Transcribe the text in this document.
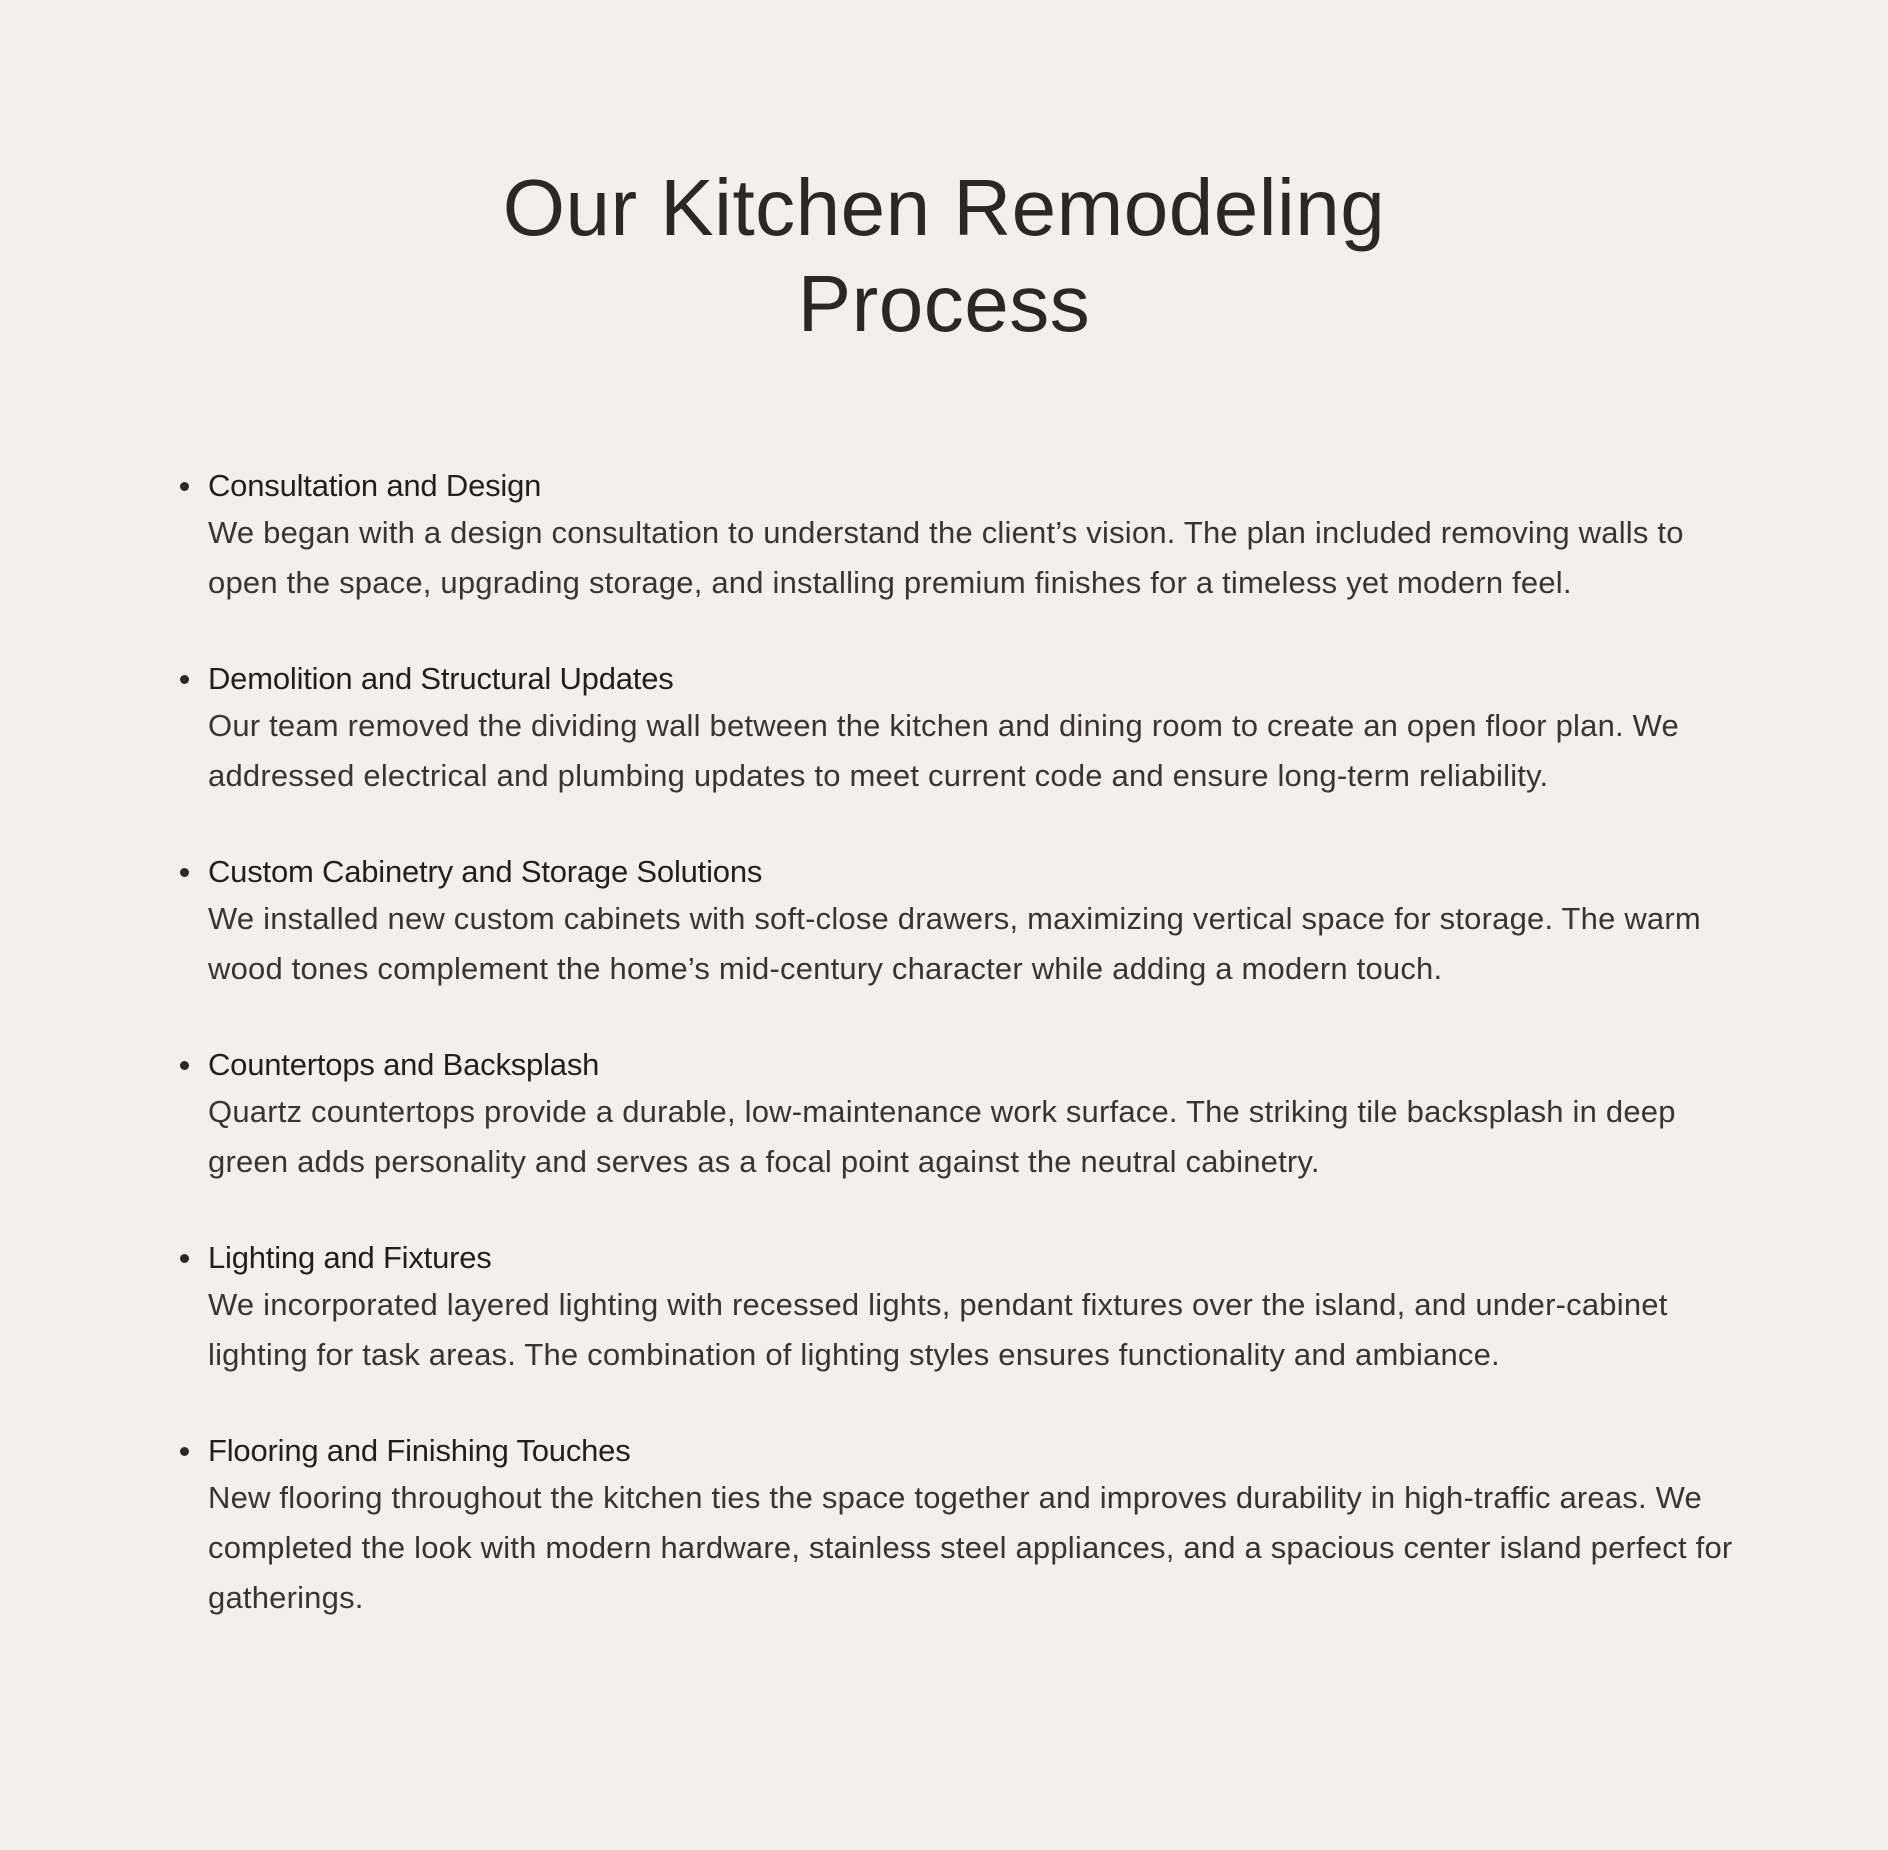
Our Kitchen Remodeling
Process
Consultation and Design
We began with a design consultation to understand the client’s vision. The plan included removing walls to open the space, upgrading storage, and installing premium finishes for a timeless yet modern feel.
Demolition and Structural Updates
Our team removed the dividing wall between the kitchen and dining room to create an open floor plan. We addressed electrical and plumbing updates to meet current code and ensure long-term reliability.
Custom Cabinetry and Storage Solutions
We installed new custom cabinets with soft-close drawers, maximizing vertical space for storage. The warm wood tones complement the home’s mid-century character while adding a modern touch.
Countertops and Backsplash
Quartz countertops provide a durable, low-maintenance work surface. The striking tile backsplash in deep green adds personality and serves as a focal point against the neutral cabinetry.
Lighting and Fixtures
We incorporated layered lighting with recessed lights, pendant fixtures over the island, and under-cabinet lighting for task areas. The combination of lighting styles ensures functionality and ambiance.
Flooring and Finishing Touches
New flooring throughout the kitchen ties the space together and improves durability in high-traffic areas. We completed the look with modern hardware, stainless steel appliances, and a spacious center island perfect for gatherings.
